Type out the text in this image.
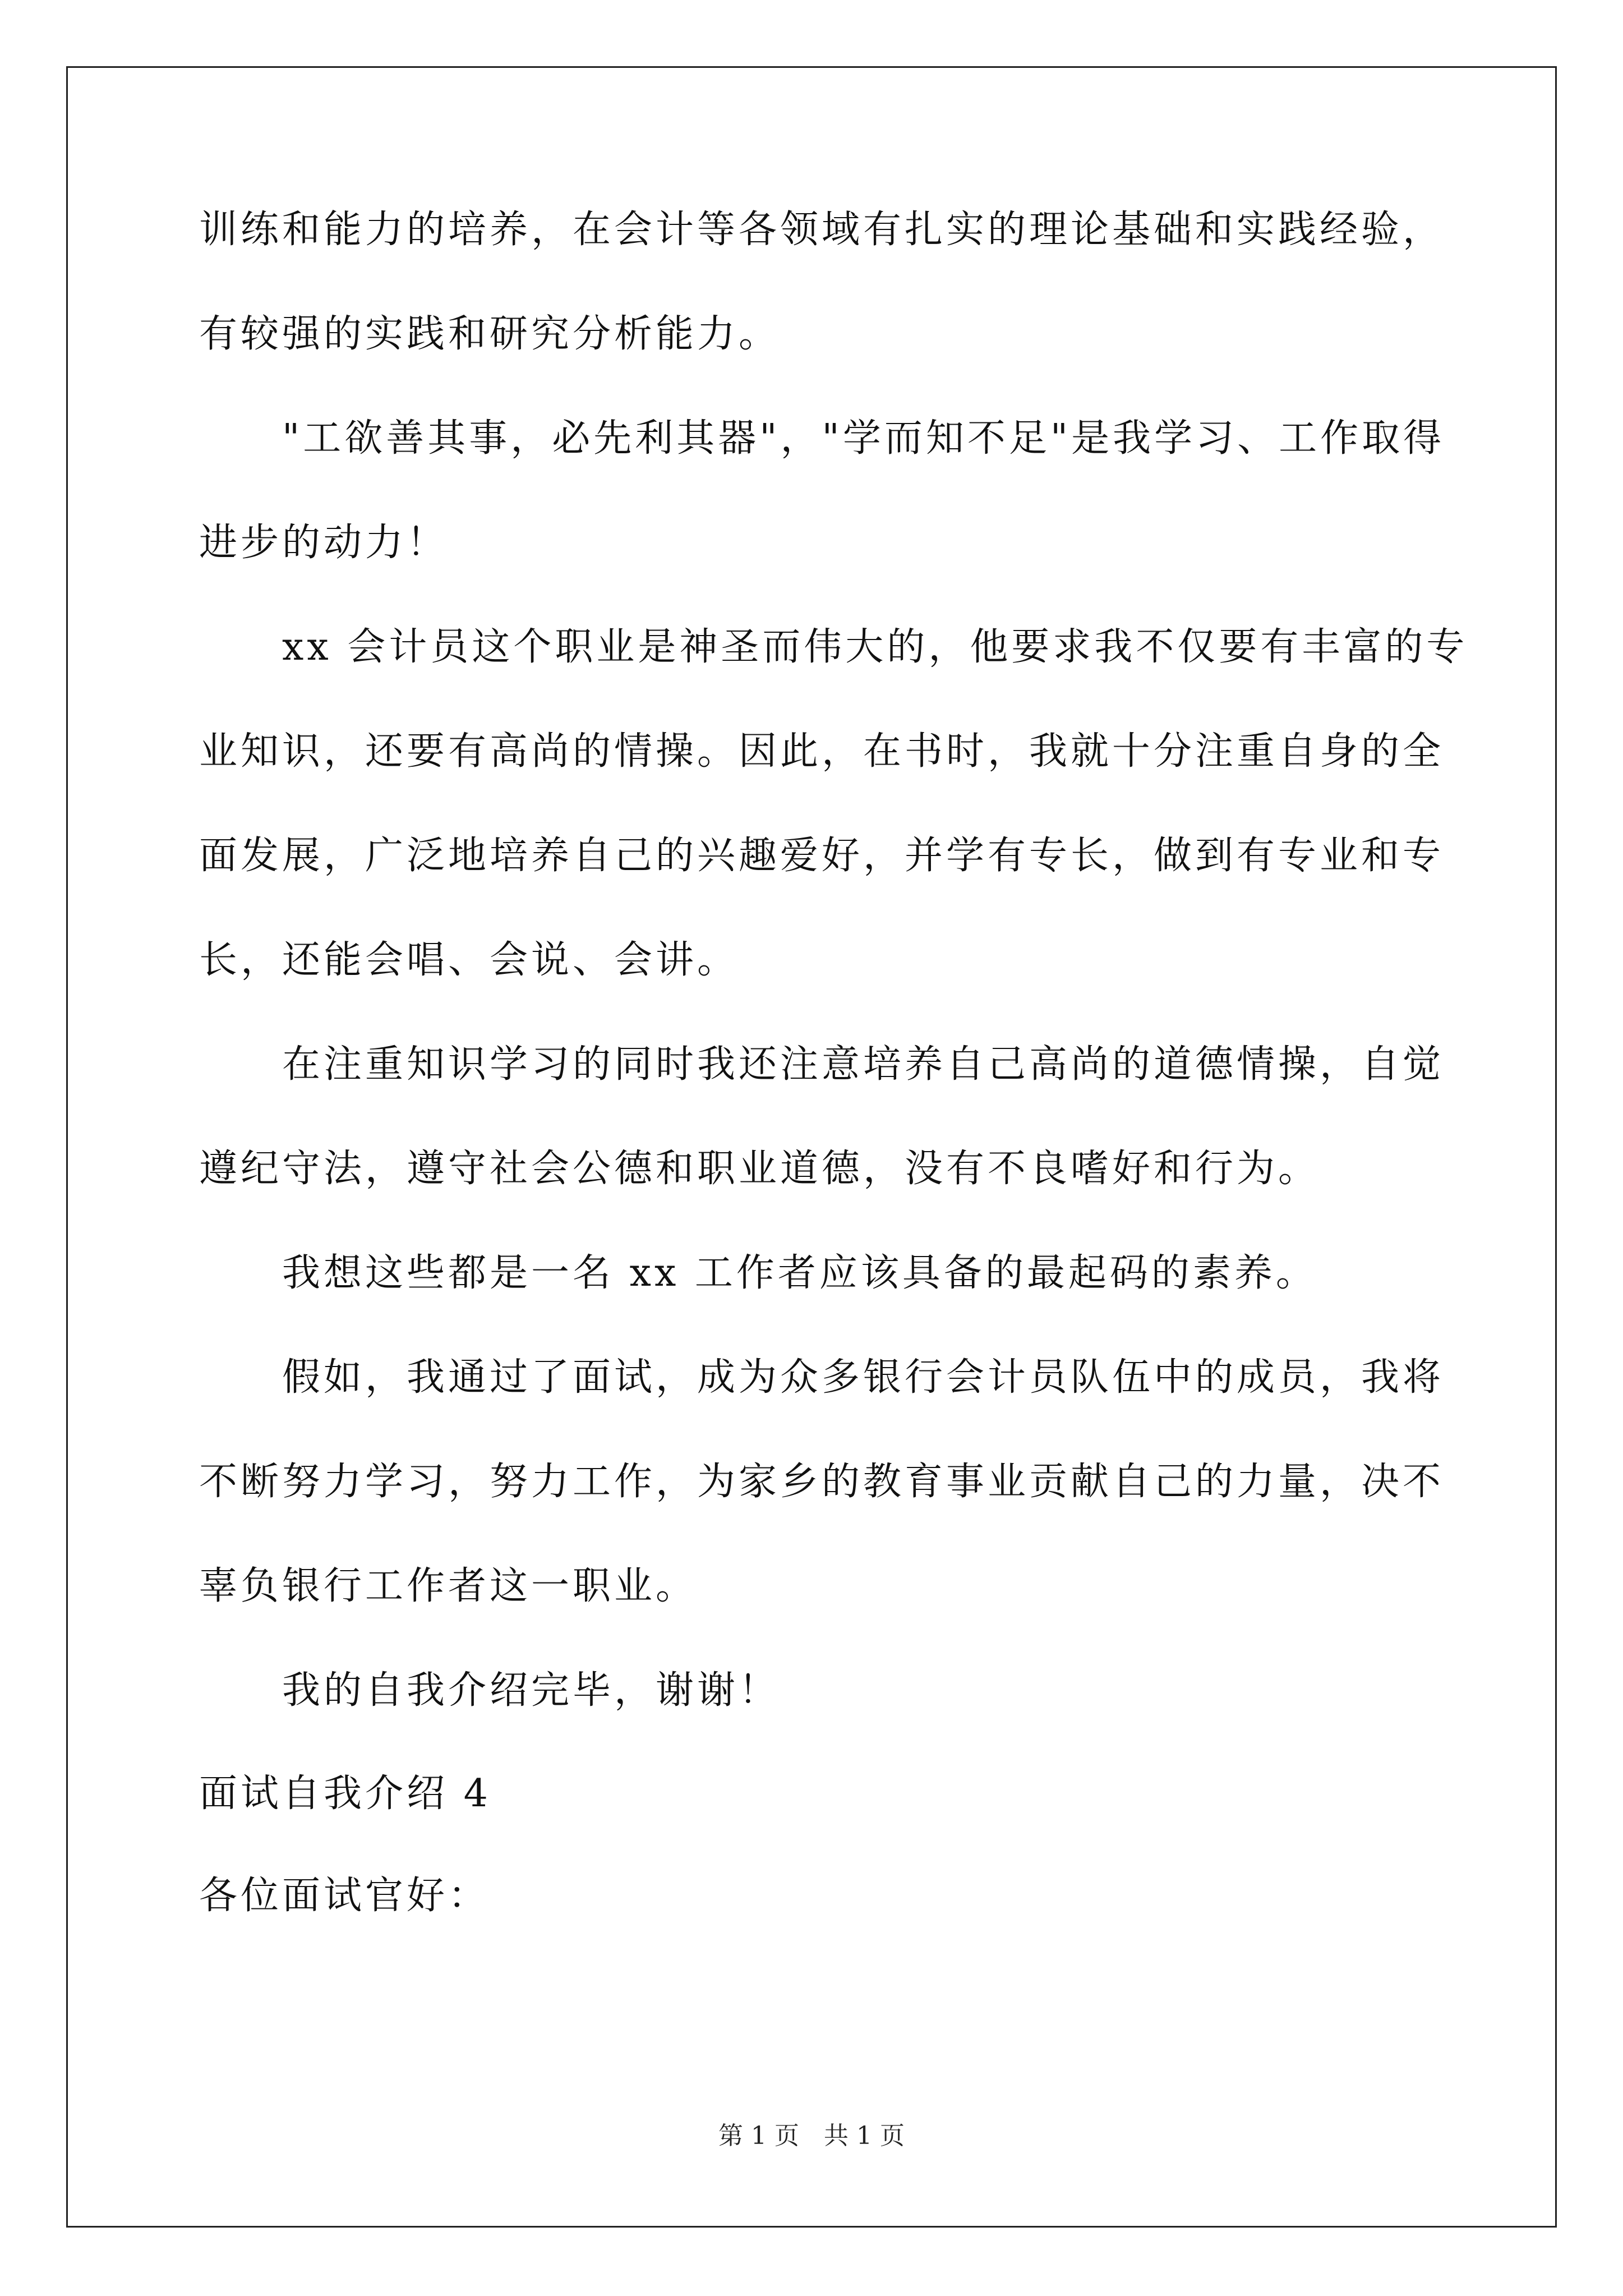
训练和能力的培养，在会计等各领域有扎实的理论基础和实践经验，
有较强的实践和研究分析能力。
"工欲善其事，必先利其器"，"学而知不足"是我学习、工作取得
进步的动力！
xx 会计员这个职业是神圣而伟大的，他要求我不仅要有丰富的专
业知识，还要有高尚的情操。因此，在书时，我就十分注重自身的全
面发展，广泛地培养自己的兴趣爱好，并学有专长，做到有专业和专
长，还能会唱、会说、会讲。
在注重知识学习的同时我还注意培养自己高尚的道德情操，自觉
遵纪守法，遵守社会公德和职业道德，没有不良嗜好和行为。
我想这些都是一名 xx 工作者应该具备的最起码的素养。
假如，我通过了面试，成为众多银行会计员队伍中的成员，我将
不断努力学习，努力工作，为家乡的教育事业贡献自己的力量，决不
辜负银行工作者这一职业。
我的自我介绍完毕，谢谢！
面试自我介绍 4
各位面试官好：
第 1 页　共 1 页
